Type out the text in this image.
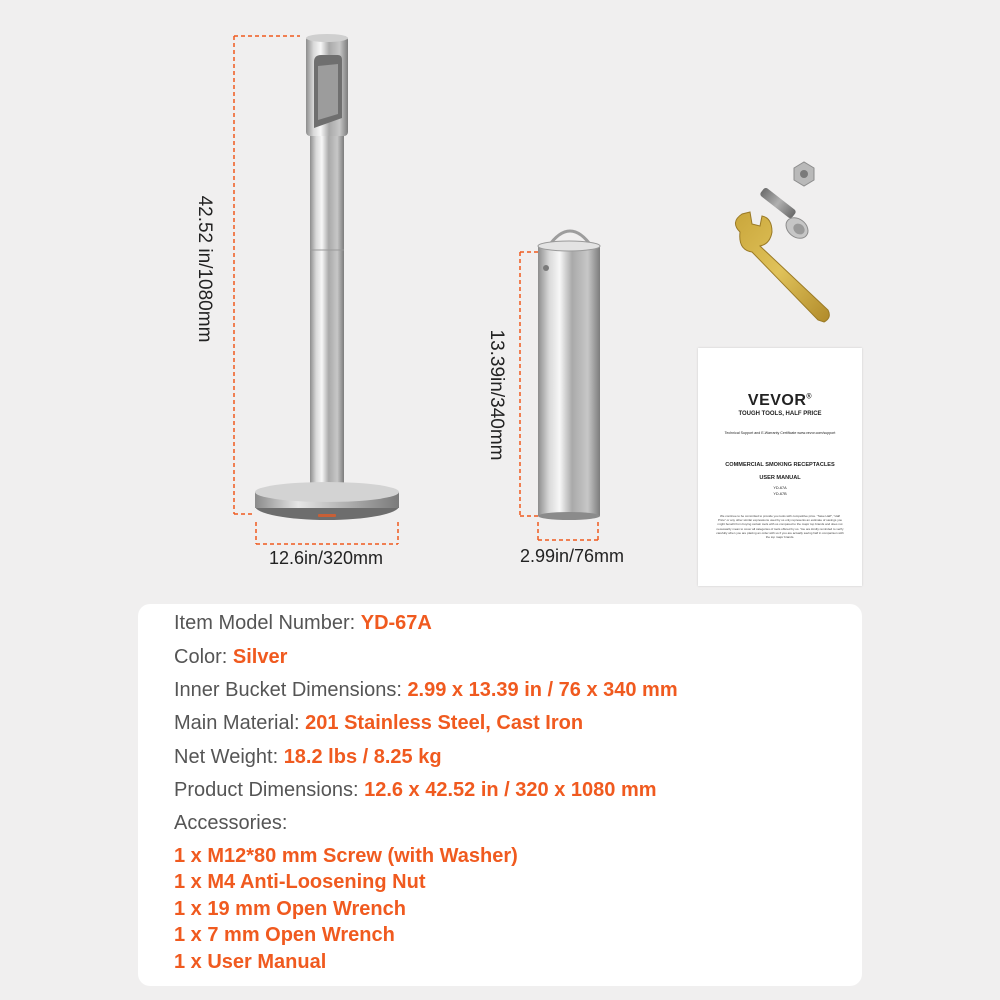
42.52 in/1080mm
12.6in/320mm
13.39in/340mm
2.99in/76mm
VEVOR®
TOUGH TOOLS, HALF PRICE
Technical Support and E-Warranty Certificate www.vevor.com/support
COMMERCIAL SMOKING RECEPTACLES
USER MANUAL
YD-67A
YD-67B
We continue to be committed to provide you tools with competitive price. "Save Half", "Half Price" or any other similar expressions used by us only represents an estimate of savings you might benefit from buying certain tools with us compared to the major top brands and does not necessarily mean to cover all categories of tools offered by us. You are kindly reminded to verify carefully when you are placing an order with us if you are actually saving half in comparison with the top major brands.
Item Model Number: YD-67A
Color: Silver
Inner Bucket Dimensions: 2.99 x 13.39 in / 76 x 340 mm
Main Material: 201 Stainless Steel, Cast Iron
Net Weight: 18.2 lbs / 8.25 kg
Product Dimensions: 12.6 x 42.52 in / 320 x 1080 mm
Accessories:
1 x M12*80 mm Screw (with Washer)
1 x M4 Anti-Loosening Nut
1 x 19 mm Open Wrench
1 x 7 mm Open Wrench
1 x User Manual
